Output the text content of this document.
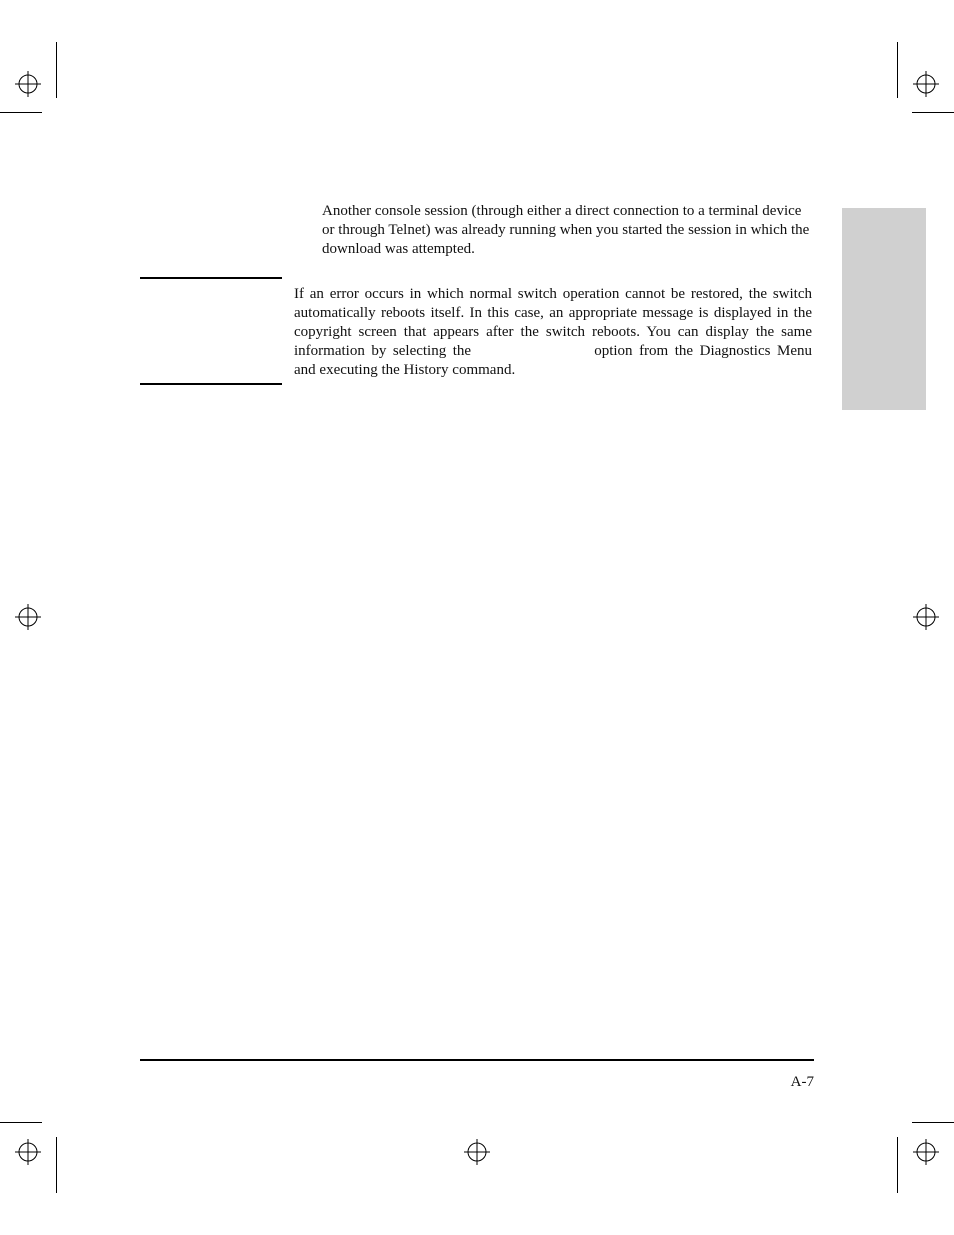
Another console session (through either a direct connection to a terminal device or through Telnet) was already running when you started the session in which the download was attempted.

If an error occurs in which normal switch operation cannot be restored, the switch automatically reboots itself. In this case, an appropriate message is displayed in the copyright screen that appears after the switch reboots. You can display the same information by selecting the	option from the Diagnostics Menu and executing the History command.

A-7
